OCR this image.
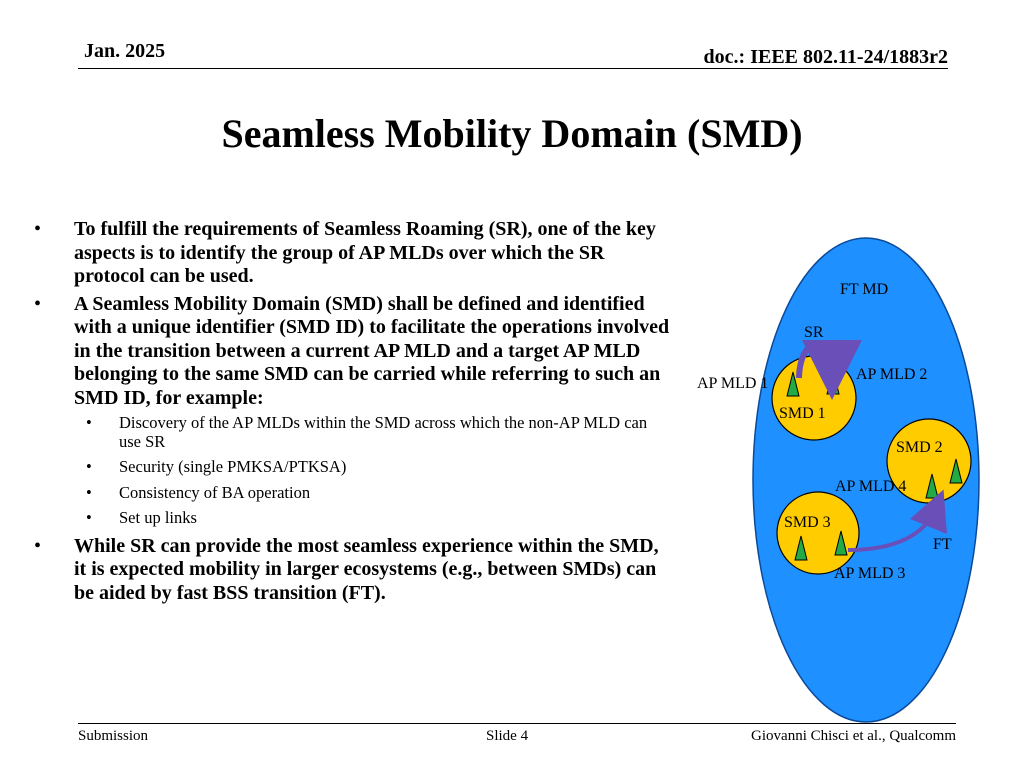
Jan. 2025	doc.: IEEE 802.11-24/1883r2
Seamless Mobility Domain (SMD)
• To fulfill the requirements of Seamless Roaming (SR), one of the key aspects is to identify the group of AP MLDs over which the SR protocol can be used.
• A Seamless Mobility Domain (SMD) shall be defined and identified with a unique identifier (SMD ID) to facilitate the operations involved in the transition between a current AP MLD and a target AP MLD belonging to the same SMD can be carried while referring to such an SMD ID, for example:
• Discovery of the AP MLDs within the SMD across which the non-AP MLD can use SR
• Security (single PMKSA/PTKSA)
• Consistency of BA operation
• Set up links
• While SR can provide the most seamless experience within the SMD, it is expected mobility in larger ecosystems (e.g., between SMDs) can be aided by fast BSS transition (FT).
FT MD
SR
AP MLD 1
AP MLD 2
SMD 1
SMD 2
AP MLD 4
SMD 3
FT
AP MLD 3
Submission	Slide 4	Giovanni Chisci et al., Qualcomm
